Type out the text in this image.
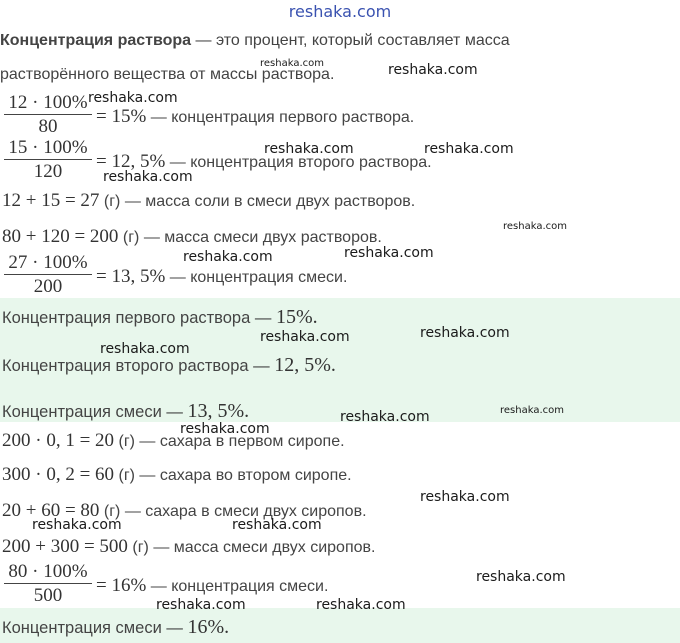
reshaka.com
Концентрация раствора — это процент, который составляет масса
растворённого вещества от массы раствора.
$\frac{12 \cdot 100\%}{80} = 15\%$ — концентрация первого раствора.
$\frac{15 \cdot 100\%}{120} = 12$, 5% — концентрация второго раствора.
12 + 15 = 27 (г) — масса соли в смеси двух растворов.
80 + 120 = 200 (г) — масса смеси двух растворов.
$\frac{27 \cdot 100\%}{200} = 13$, 5% — концентрация смеси.
Концентрация первого раствора — 15%.
Концентрация второго раствора — 12, 5%.
Концентрация смеси — 13, 5%.
200 · 0, 1 = 20 (г) — сахара в первом сиропе.
300 · 0, 2 = 60 (г) — сахара во втором сиропе.
20 + 60 = 80 (г) — сахара в смеси двух сиропов.
200 + 300 = 500 (г) — масса смеси двух сиропов.
$\frac{80 \cdot 100\%}{500} = 16\%$ — концентрация смеси.
Концентрация смеси — 16%.
reshaka.com	reshaka.com
reshaka.com
reshaka.com	reshaka.com
reshaka.com
reshaka.com
reshaka.com
reshaka.com
reshaka.com	reshaka.com
reshaka.com
reshaka.com
reshaka.com
reshaka.com
reshaka.com
reshaka.com	reshaka.com
reshaka.com
reshaka.com	reshaka.com
